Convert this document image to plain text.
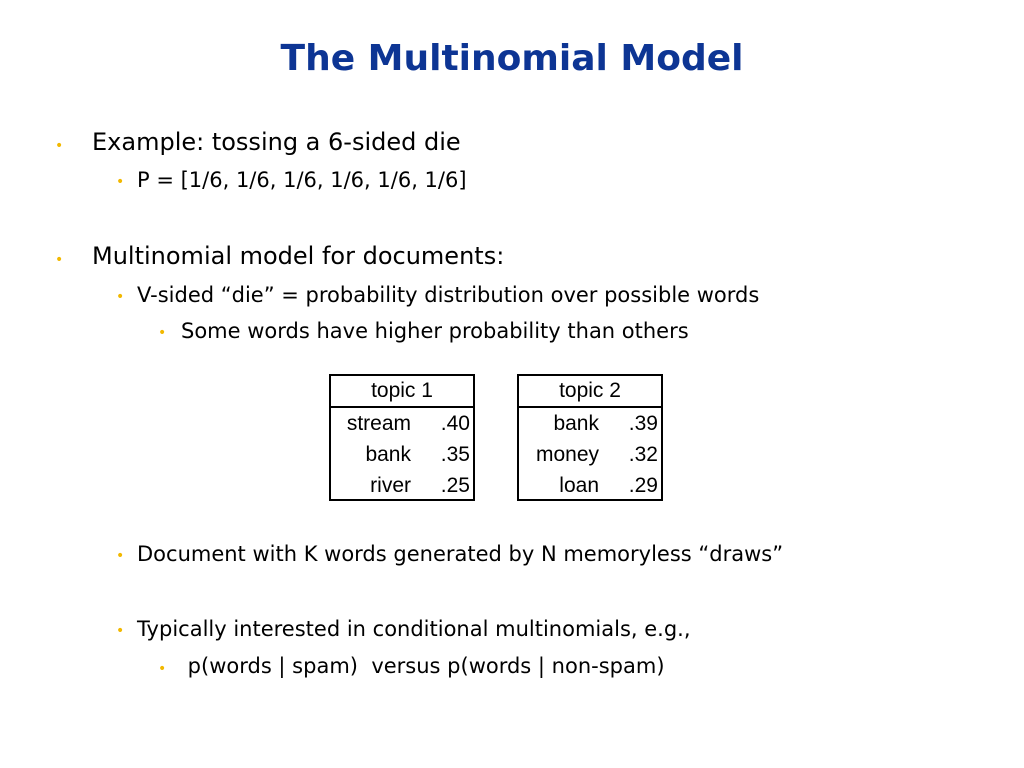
The Multinomial Model
• Example: tossing a 6-sided die
• P = [1/6, 1/6, 1/6, 1/6, 1/6, 1/6]
• Multinomial model for documents:
• V-sided “die” = probability distribution over possible words
• Some words have higher probability than others
topic 1
stream .40
bank .35
river .25
topic 2
bank .39
money .32
loan .29
• Document with K words generated by N memoryless “draws”
• Typically interested in conditional multinomials, e.g.,
• p(words | spam)  versus p(words | non-spam)
